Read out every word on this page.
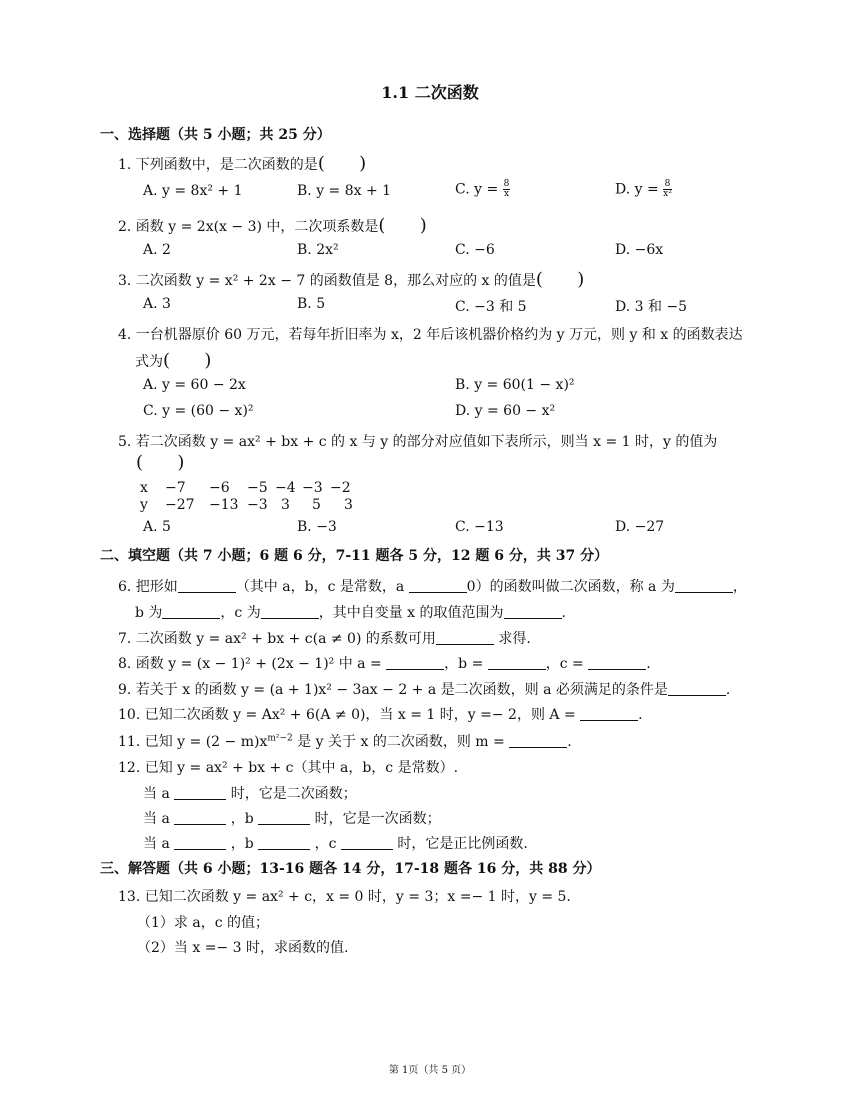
1.1 二次函数
一、选择题（共 5 小题；共 25 分）
1. 下列函数中，是二次函数的是(      )
A. y = 8x² + 1	B. y = 8x + 1	C. $y = \frac{8}{x}$	D. $y = \frac{8}{\text{x²}}$
2. 函数 y = 2x(x − 3) 中，二次项系数是(      )
A. 2	B. 2x²	C. −6	D. −6x
3. 二次函数 y = x² + 2x − 7 的函数值是 8，那么对应的 x 的值是(      )
A. 3	B. 5	C. −3 和 5	D. 3 和 −5
4. 一台机器原价 60 万元，若每年折旧率为 x，2 年后该机器价格约为 y 万元，则 y 和 x 的函数表达
式为(      )
A. y = 60 − 2x	B. y = 60(1 − x)²
C. y = (60 − x)²	D. y = 60 − x²
5. 若二次函数 y = ax² + bx + c 的 x 与 y 的部分对应值如下表所示，则当 x = 1 时，y 的值为
(      )
x −7 −6 −5 −4 −3 −2
y −27 −13 −3 3 5 3
A. 5	B. −3	C. −13	D. −27
二、填空题（共 7 小题；6 题 6 分，7-11 题各 5 分，12 题 6 分，共 37 分）
6. 把形如	（其中 a，b，c 是常数，a	0）的函数叫做二次函数，称 a 为	，
b 为	，c 为	，其中自变量 x 的取值范围为	.
7. 二次函数 y = ax² + bx + c(a ≠ 0) 的系数可用	求得.
8. 函数 y = (x − 1)² + (2x − 1)² 中 a =	，b =	，c =	.
9. 若关于 x 的函数 y = (a + 1)x² − 3ax − 2 + a 是二次函数，则 a 必须满足的条件是	.
10. 已知二次函数 y = Ax² + 6(A ≠ 0)，当 x = 1 时，y =− 2，则 A =	.
11. 已知 $y = (2 - m)x^{m^2-2}$ 是 y 关于 x 的二次函数，则 m =	.
12. 已知 y = ax² + bx + c（其中 a，b，c 是常数）.
当 a	时，它是二次函数；
当 a	，b	时，它是一次函数；
当 a	，b	，c	时，它是正比例函数.
三、解答题（共 6 小题；13-16 题各 14 分，17-18 题各 16 分，共 88 分）
13. 已知二次函数 y = ax² + c，x = 0 时，y = 3；x =− 1 时，y = 5.
（1）求 a，c 的值；
（2）当 x =− 3 时，求函数的值.
第 1页（共 5 页）
